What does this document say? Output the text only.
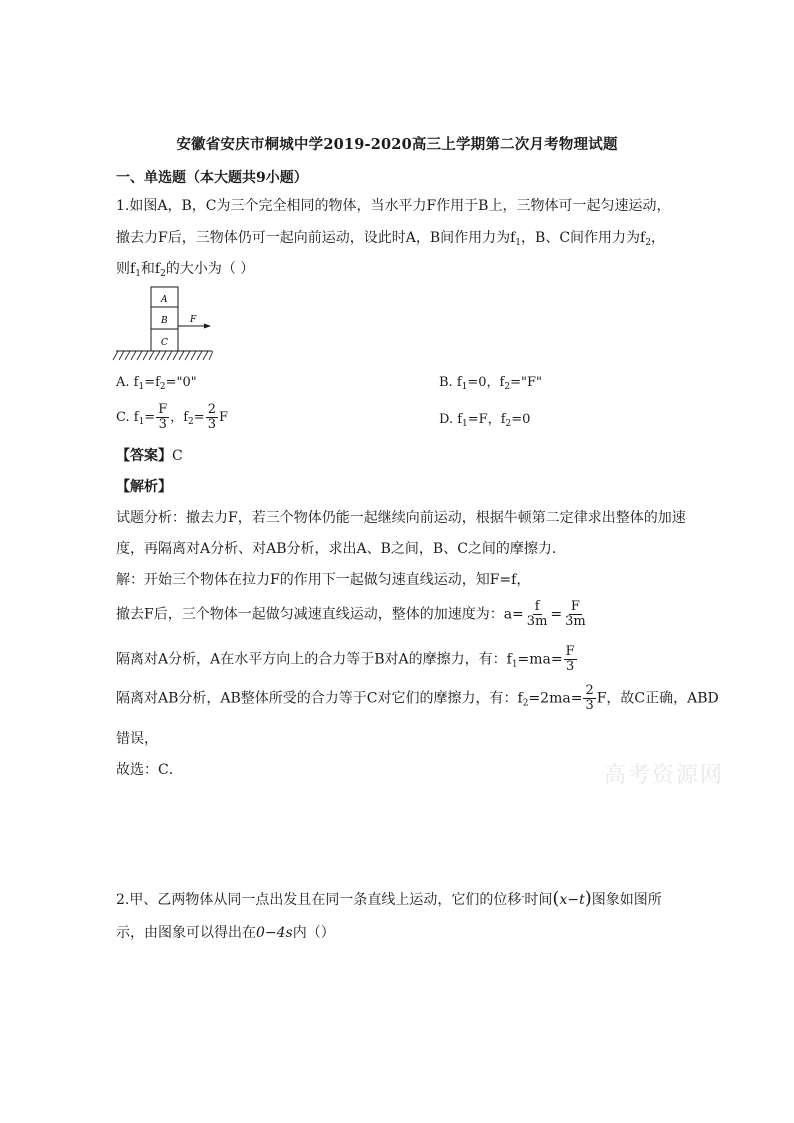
安徽省安庆市桐城中学2019-2020高三上学期第二次月考物理试题
一、单选题（本大题共9小题）
1.如图A，B，C为三个完全相同的物体，当水平力F作用于B上，三物体可一起匀速运动，
撤去力F后，三物体仍可一起向前运动，设此时A，B间作用力为$f_1$，B、C间作用力为$f_2$，
则$f_1$和$f_2$的大小为（ ）
A
B
C
F
A. $f_1=f_2="0$"	B. $f_1=0$，$f_2="F$"
C. $f_1= \frac{F}{3}$ ，$f_2= \frac{2}{3}$ F	D. $f_1=F$，$f_2=0$
【答案】C
【解析】
试题分析：撤去力F，若三个物体仍能一起继续向前运动，根据牛顿第二定律求出整体的加速
度，再隔离对A分析、对AB分析，求出A、B之间，B、C之间的摩擦力．
解：开始三个物体在拉力F的作用下一起做匀速直线运动，知F=f，
撤去F后，三个物体一起做匀减速直线运动，整体的加速度为：$a= \frac{f}{3m} = \frac{F}{3m}$
隔离对A分析，A在水平方向上的合力等于B对A的摩擦力，有：$f_1=ma= \frac{F}{3}$
隔离对AB分析，AB整体所受的合力等于C对它们的摩擦力，有：$f_2=2ma= \frac{2}{3}$ F，故C正确，ABD
错误，
故选：C．	高考资源网
2.甲、乙两物体从同一点出发且在同一条直线上运动，它们的位移-时间(x−t)图象如图所
示，由图象可以得出在0−4s内（）
